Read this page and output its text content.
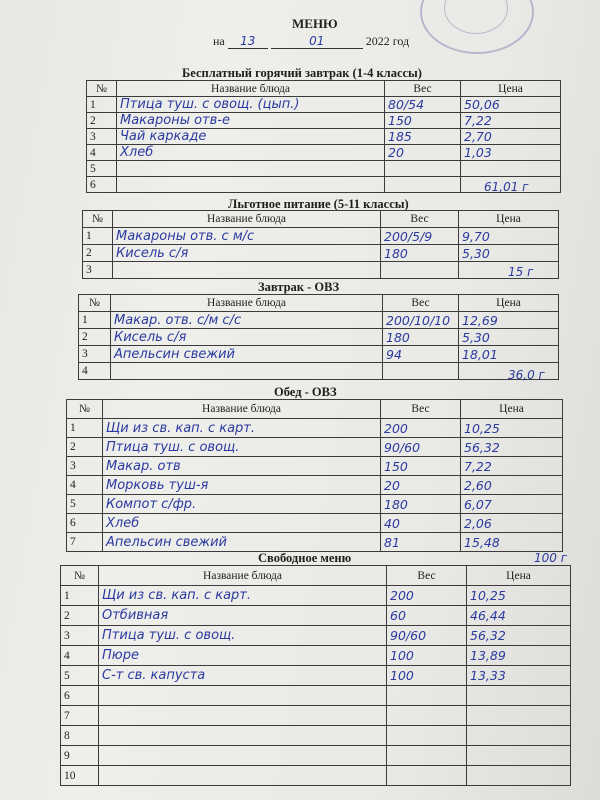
МЕНЮ
на 13	01	2022 год
Бесплатный горячий завтрак (1-4 классы)
№	Название блюда	Вес	Цена
1	Птица туш. с овощ. (цып.)	80/54	50,06
2	Макароны отв-е	150	7,22
3	Чай каркаде	185	2,70
4	Хлеб	20	1,03
5			
6				61,01 г
Льготное питание (5-11 классы)
№	Название блюда	Вес	Цена
1	Макароны отв. с м/с	200/5/9	9,70
2	Кисель с/я	180	5,30
3				15 г
Завтрак - ОВЗ
№	Название блюда	Вес	Цена
1	Макар. отв. с/м с/с	200/10/10	12,69
2	Кисель с/я	180	5,30
3	Апельсин свежий	94	18,01
4				36,0 г
Обед - ОВЗ
№	Название блюда	Вес	Цена
1	Щи из св. кап. с карт.	200	10,25
2	Птица туш. с овощ.	90/60	56,32
3	Макар. отв	150	7,22
4	Морковь туш-я	20	2,60
5	Компот с/фр.	180	6,07
6	Хлеб	40	2,06
7	Апельсин свежий	81	15,48
100 г
Свободное меню
№	Название блюда	Вес	Цена
1	Щи из св. кап. с карт.	200	10,25
2	Отбивная	60	46,44
3	Птица туш. с овощ.	90/60	56,32
4	Пюре	100	13,89
5	С-т св. капуста	100	13,33
6			
7			
8			
9			
10			
